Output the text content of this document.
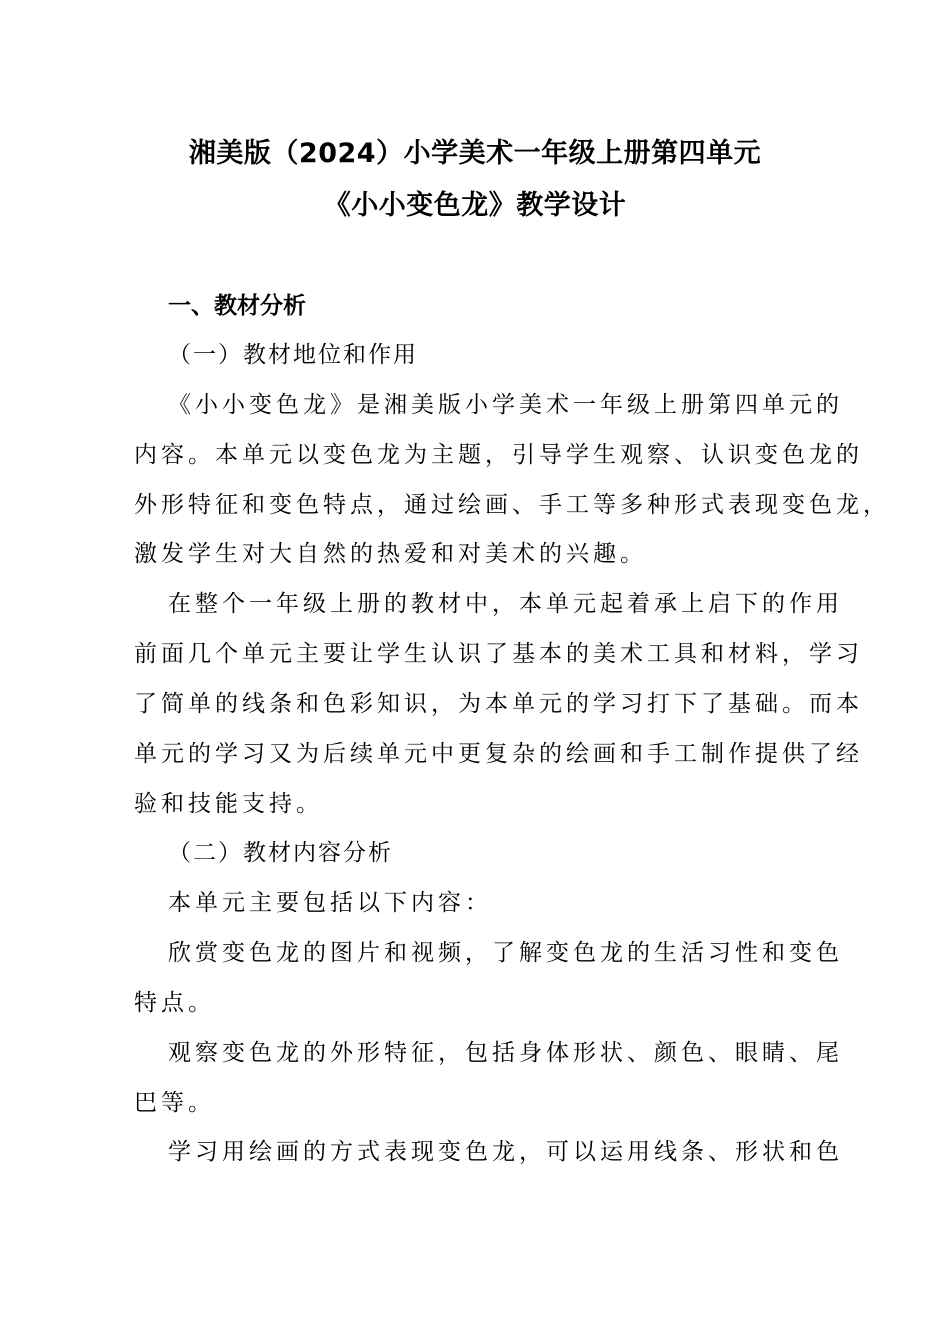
湘美版（2024）小学美术一年级上册第四单元
《小小变色龙》教学设计
一、教材分析
（一）教材地位和作用
《小小变色龙》是湘美版小学美术一年级上册第四单元的
内容。本单元以变色龙为主题，引导学生观察、认识变色龙的
外形特征和变色特点，通过绘画、手工等多种形式表现变色龙，
激发学生对大自然的热爱和对美术的兴趣。
在整个一年级上册的教材中，本单元起着承上启下的作用
前面几个单元主要让学生认识了基本的美术工具和材料，学习
了简单的线条和色彩知识，为本单元的学习打下了基础。而本
单元的学习又为后续单元中更复杂的绘画和手工制作提供了经
验和技能支持。
（二）教材内容分析
本单元主要包括以下内容：
欣赏变色龙的图片和视频，了解变色龙的生活习性和变色
特点。
观察变色龙的外形特征，包括身体形状、颜色、眼睛、尾
巴等。
学习用绘画的方式表现变色龙，可以运用线条、形状和色
